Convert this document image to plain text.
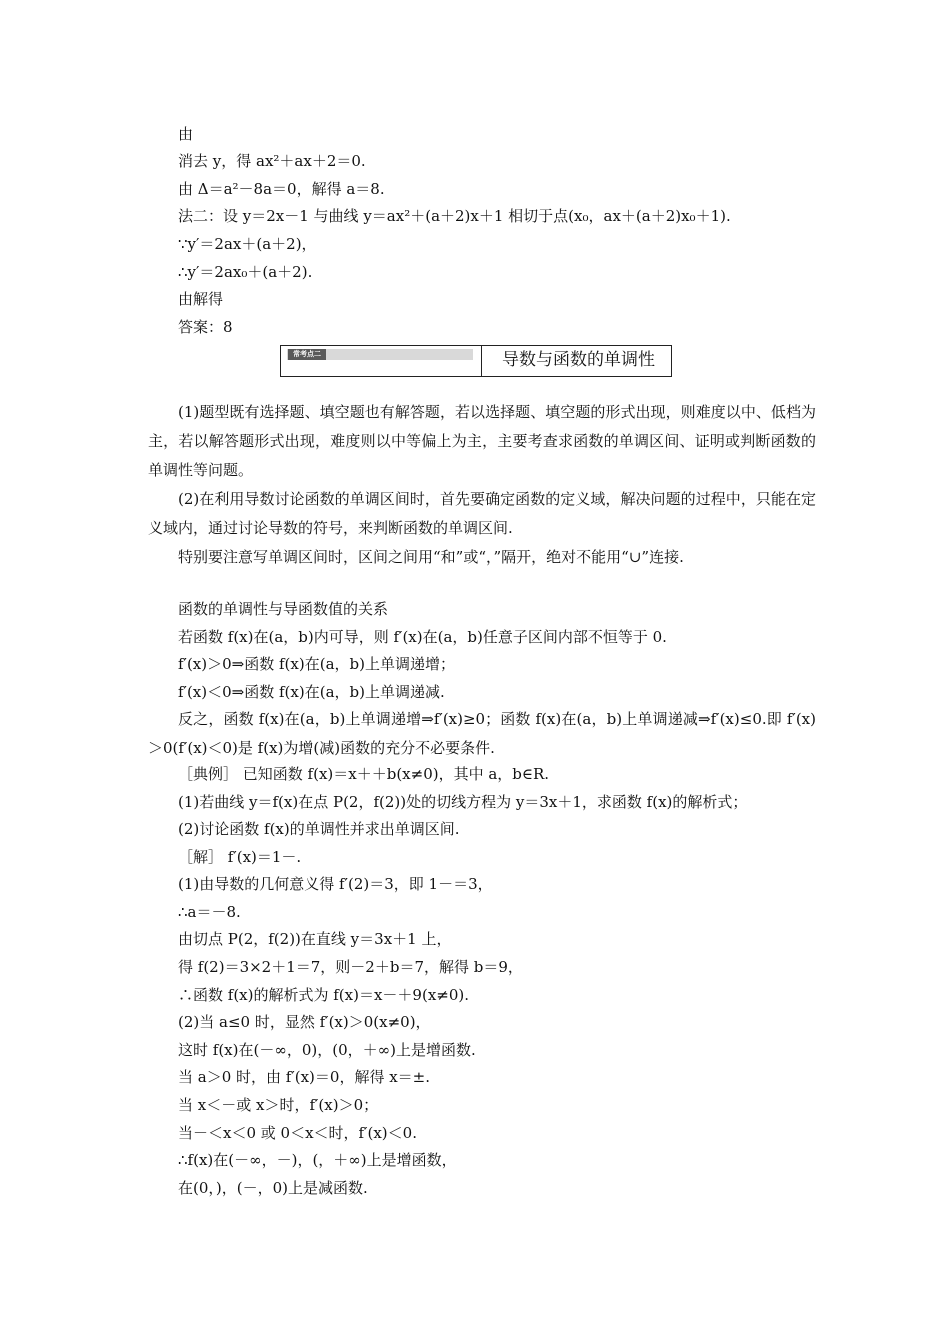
由
消去 y，得 ax²＋ax＋2＝0.
由 Δ＝a²－8a＝0，解得 a＝8.
法二：设 y＝2x－1 与曲线 y＝ax²＋(a＋2)x＋1 相切于点(x₀，ax＋(a＋2)x₀＋1).
∵y′＝2ax＋(a＋2)，
∴y′＝2ax₀＋(a＋2).
由解得
答案：8
常考点二	导数与函数的单调性
(1)题型既有选择题、填空题也有解答题，若以选择题、填空题的形式出现，则难度以中、低档为主，若以解答题形式出现，难度则以中等偏上为主，主要考查求函数的单调区间、证明或判断函数的单调性等问题。
(2)在利用导数讨论函数的单调区间时，首先要确定函数的定义域，解决问题的过程中，只能在定义域内，通过讨论导数的符号，来判断函数的单调区间.
特别要注意写单调区间时，区间之间用“和”或“，”隔开，绝对不能用“∪”连接.
函数的单调性与导函数值的关系
若函数 f(x)在(a，b)内可导，则 f′(x)在(a，b)任意子区间内部不恒等于 0.
f′(x)＞0⇒函数 f(x)在(a，b)上单调递增；
f′(x)＜0⇒函数 f(x)在(a，b)上单调递减.
反之，函数 f(x)在(a，b)上单调递增⇒f′(x)≥0；函数 f(x)在(a，b)上单调递减⇒f′(x)≤0.即 f′(x)＞0(f′(x)＜0)是 f(x)为增(减)函数的充分不必要条件.
［典例］ 已知函数 f(x)＝x＋＋b(x≠0)，其中 a，b∈R.
(1)若曲线 y＝f(x)在点 P(2，f(2))处的切线方程为 y＝3x＋1，求函数 f(x)的解析式；
(2)讨论函数 f(x)的单调性并求出单调区间.
［解］ f′(x)＝1－.
(1)由导数的几何意义得 f′(2)＝3，即 1－＝3，
∴a＝－8.
由切点 P(2，f(2))在直线 y＝3x＋1 上，
得 f(2)＝3×2＋1＝7，则－2＋b＝7，解得 b＝9，
∴函数 f(x)的解析式为 f(x)＝x－＋9(x≠0).
(2)当 a≤0 时，显然 f′(x)＞0(x≠0)，
这时 f(x)在(－∞，0)，(0，＋∞)上是增函数.
当 a＞0 时，由 f′(x)＝0，解得 x＝±.
当 x＜－或 x＞时，f′(x)＞0；
当－＜x＜0 或 0＜x＜时，f′(x)＜0.
∴f(x)在(－∞，－)，(，＋∞)上是增函数，
在(0，)，(－，0)上是减函数.
